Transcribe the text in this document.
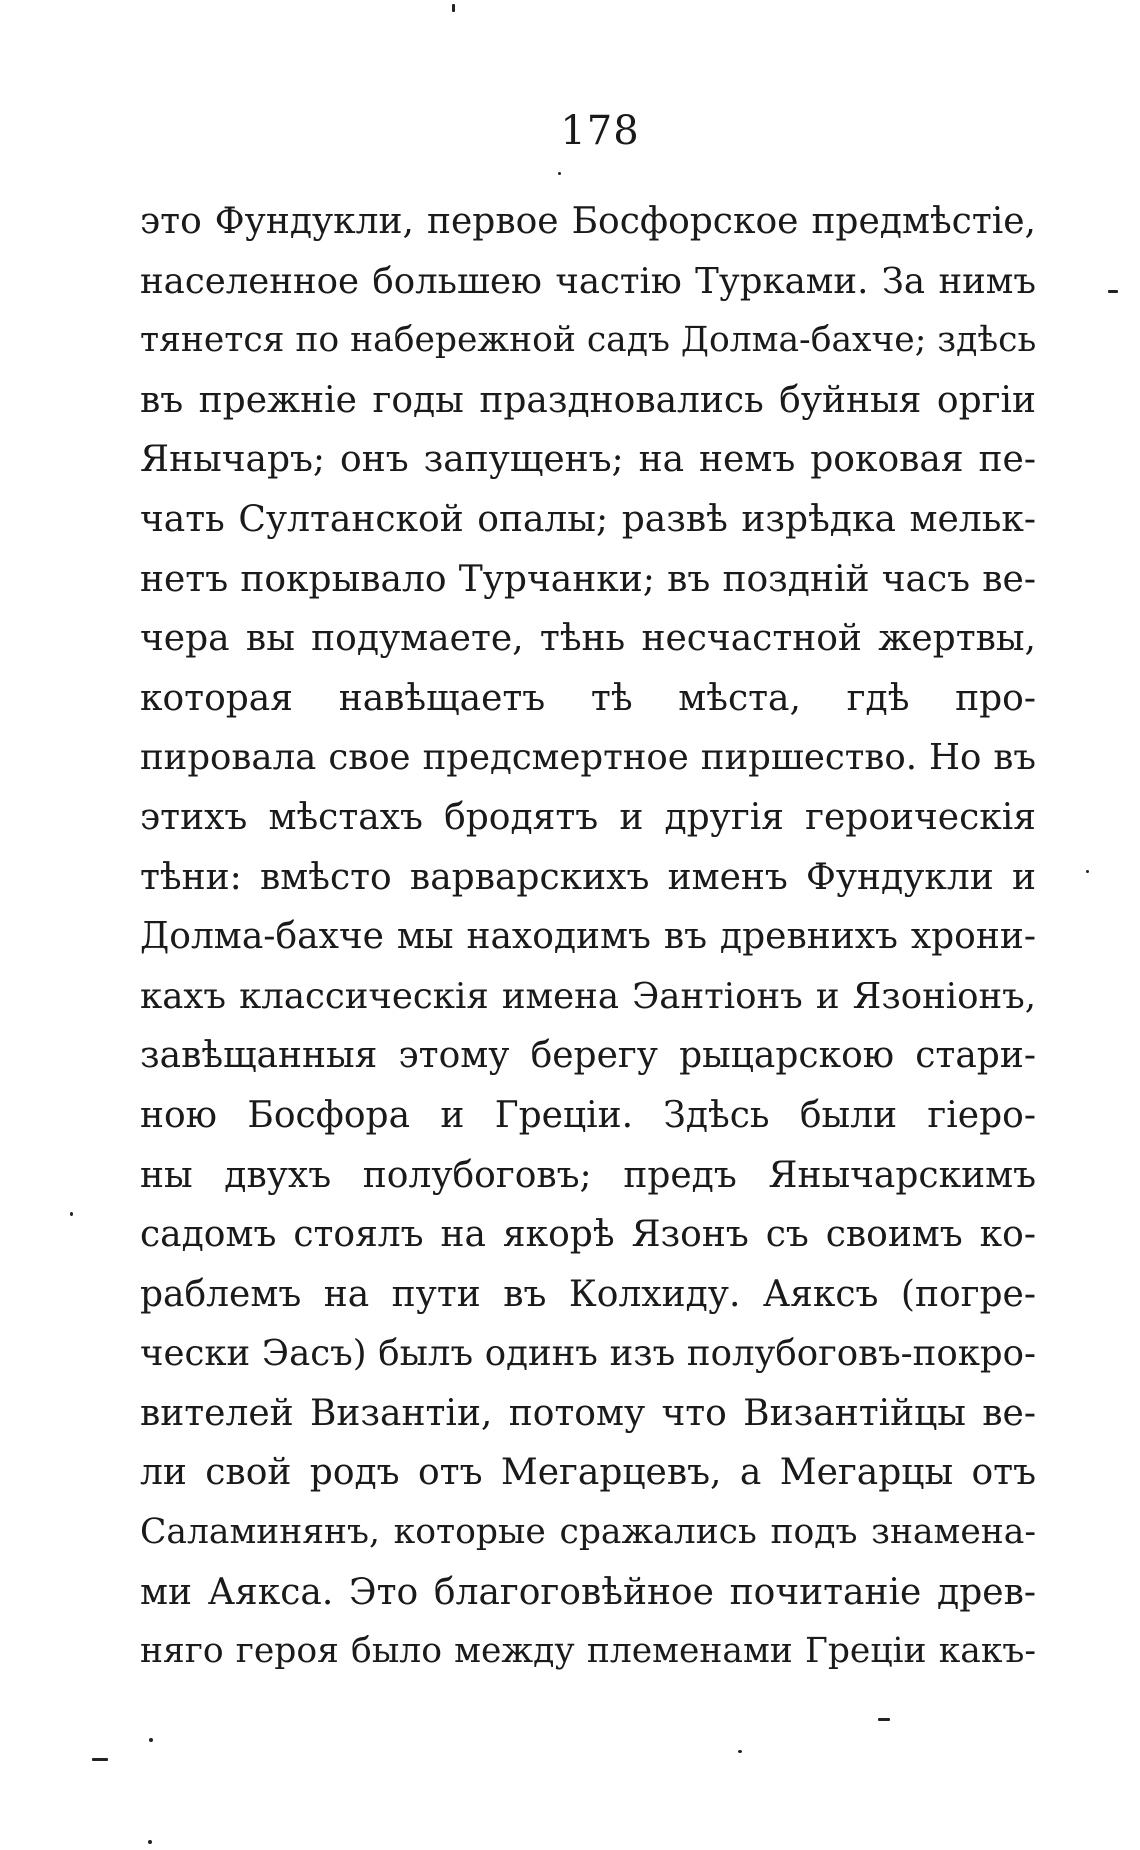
178
это Фундукли, первое Босфорское предмѣстіе,
населенное большею частію Турками. За нимъ
тянется по набережной садъ Долма-бахче; здѣсь
въ прежніе годы праздновались буйныя оргіи
Янычаръ; онъ запущенъ; на немъ роковая пе-
чать Султанской опалы; развѣ изрѣдка мельк-
нетъ покрывало Турчанки; въ поздній часъ ве-
чера вы подумаете, тѣнь несчастной жертвы,
которая навѣщаетъ тѣ мѣста, гдѣ про-
пировала свое предсмертное пиршество. Но въ
этихъ мѣстахъ бродятъ и другія героическія
тѣни: вмѣсто варварскихъ именъ Фундукли и
Долма-бахче мы находимъ въ древнихъ хрони-
кахъ классическія имена Эантіонъ и Язоніонъ,
завѣщанныя этому берегу рыцарскою стари-
ною Босфора и Греціи. Здѣсь были гіеро-
ны двухъ полубоговъ; предъ Янычарскимъ
садомъ стоялъ на якорѣ Язонъ съ своимъ ко-
раблемъ на пути въ Колхиду. Аяксъ (погре-
чески Эасъ) былъ одинъ изъ полубоговъ-покро-
вителей Византіи, потому что Византійцы ве-
ли свой родъ отъ Мегарцевъ, а Мегарцы отъ
Саламинянъ, которые сражались подъ знамена-
ми Аякса. Это благоговѣйное почитаніе древ-
няго героя было между племенами Греціи какъ-
